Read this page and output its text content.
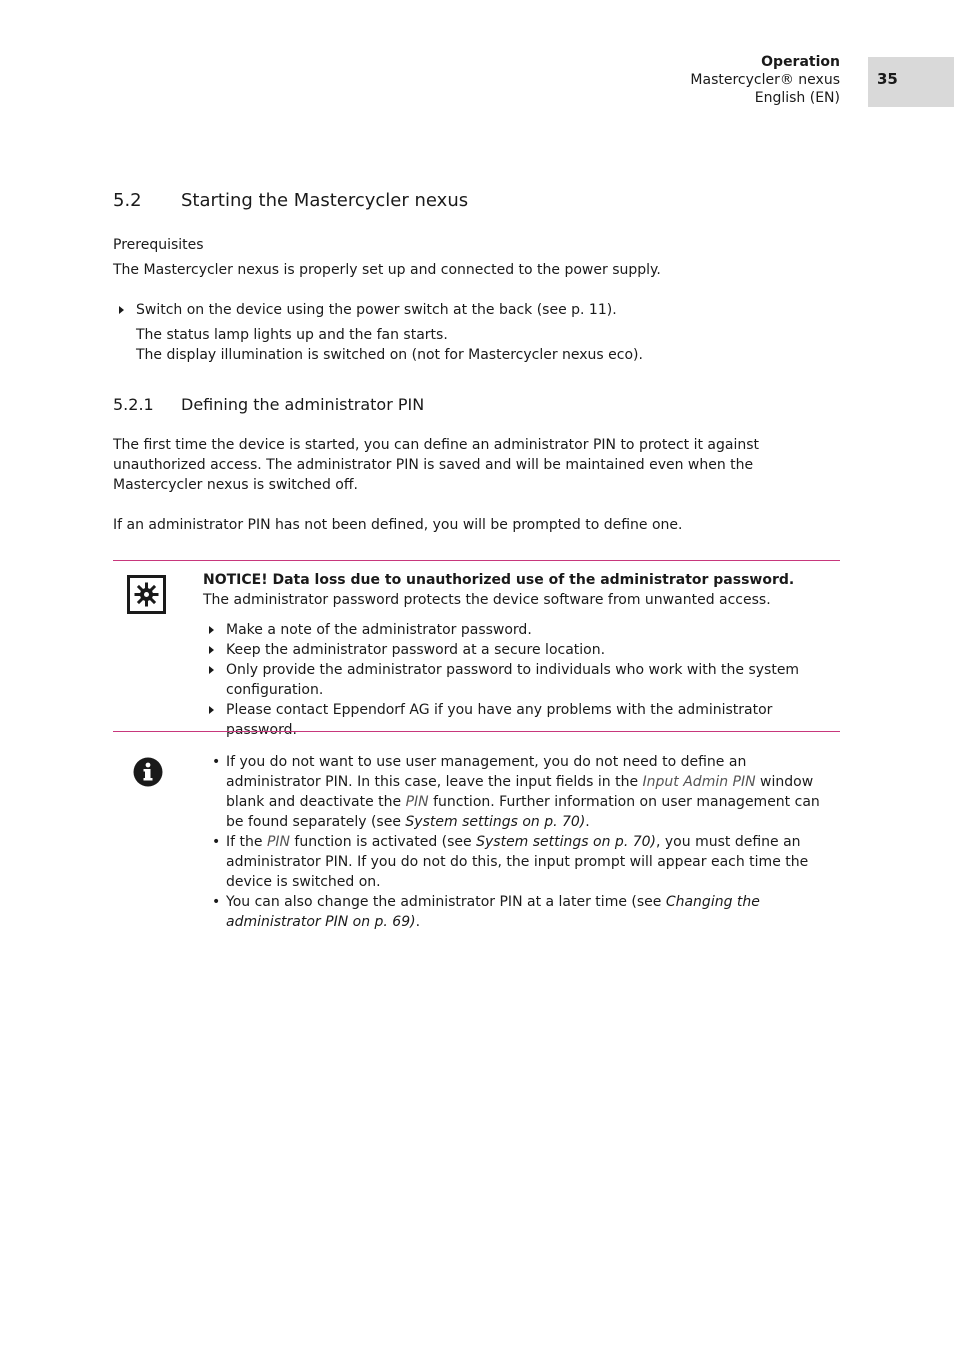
Operation
Mastercycler® nexus
English (EN)
35
5.2 Starting the Mastercycler nexus
Prerequisites
The Mastercycler nexus is properly set up and connected to the power supply.
Switch on the device using the power switch at the back (see p. 11).
The status lamp lights up and the fan starts.
The display illumination is switched on (not for Mastercycler nexus eco).
5.2.1 Defining the administrator PIN
The first time the device is started, you can define an administrator PIN to protect it against unauthorized access. The administrator PIN is saved and will be maintained even when the Mastercycler nexus is switched off.
If an administrator PIN has not been defined, you will be prompted to define one.
NOTICE! Data loss due to unauthorized use of the administrator password.
The administrator password protects the device software from unwanted access.
Make a note of the administrator password.
Keep the administrator password at a secure location.
Only provide the administrator password to individuals who work with the system configuration.
Please contact Eppendorf AG if you have any problems with the administrator password.
• If you do not want to use user management, you do not need to define an administrator PIN. In this case, leave the input fields in the Input Admin PIN window blank and deactivate the PIN function. Further information on user management can be found separately (see System settings on p. 70).
• If the PIN function is activated (see System settings on p. 70), you must define an administrator PIN. If you do not do this, the input prompt will appear each time the device is switched on.
• You can also change the administrator PIN at a later time (see Changing the administrator PIN on p. 69).
